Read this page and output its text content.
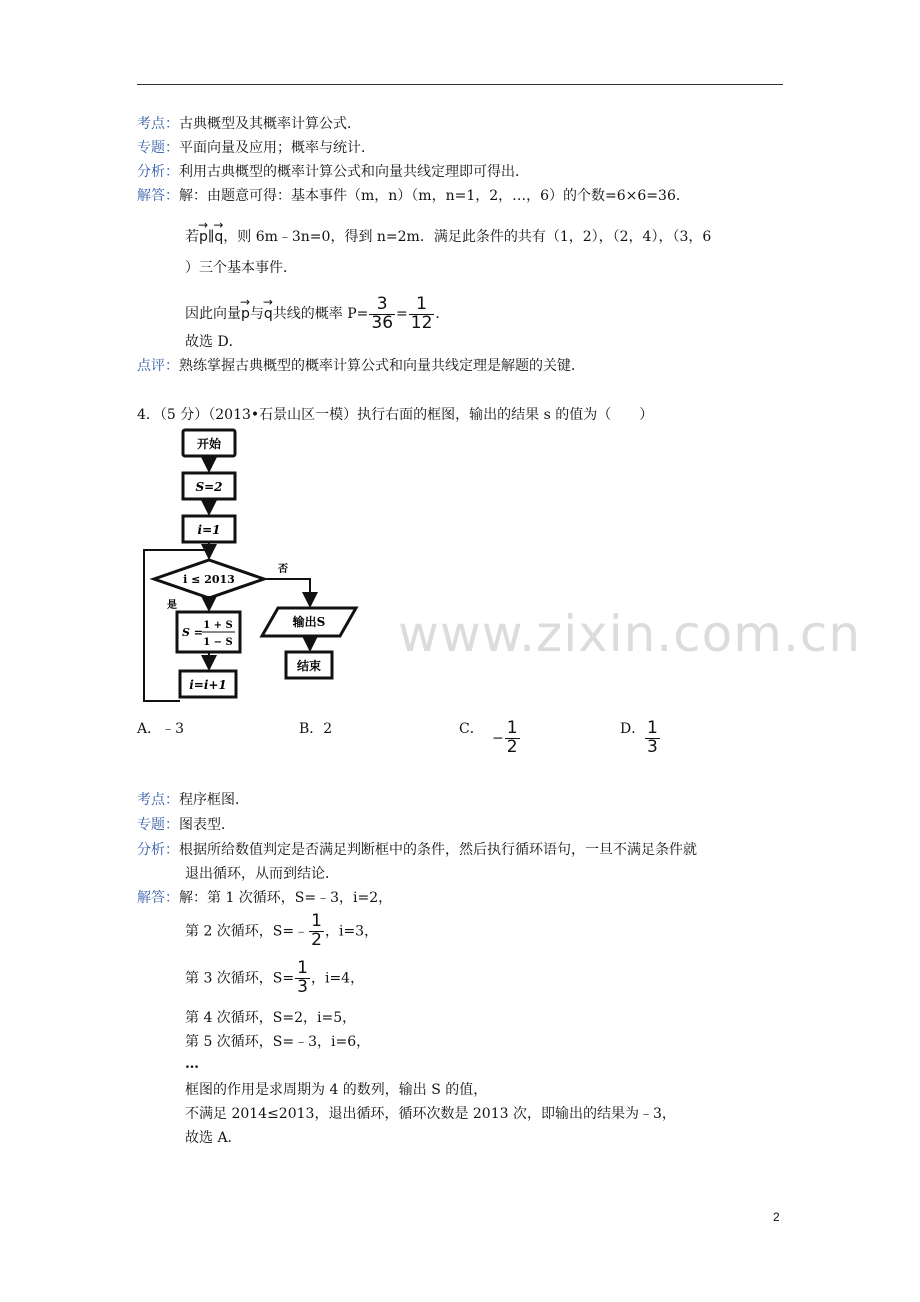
考点：古典概型及其概率计算公式．
专题：平面向量及应用；概率与统计．
分析：利用古典概型的概率计算公式和向量共线定理即可得出．
解答：解：由题意可得：基本事件（m，n）（m，n=1，2，…，6）的个数=6×6=36．
若→ p∥→ q，则 6m﹣3n=0，得到 n=2m．满足此条件的共有（1，2），（2，4），（3，6
）三个基本事件．
因此向量→ p与→ q共线的概率 $P= \frac{3}{36} = \frac{1}{12}$ ．
故选 D．
点评：熟练掌握古典概型的概率计算公式和向量共线定理是解题的关键．
4．（5 分）（2013•石景山区一模）执行右面的框图，输出的结果 s 的值为（　　）
开始
S=2
i=1
i ≤ 2013
否
是
S =
1 + S
1 − S
i=i+1
输出S
结束
www.zixin.com.cn
A．﹣3	B．2	C．
− $\frac{1}{2}$	D． $\frac{1}{3}$
考点：程序框图．
专题：图表型．
分析：根据所给数值判定是否满足判断框中的条件，然后执行循环语句，一旦不满足条件就
退出循环，从而到结论．
解答：解：第 1 次循环，S=﹣3，i=2，
第 2 次循环，S=﹣ $\frac{1}{2}$ ，i=3，
第 3 次循环，$S= \frac{1}{3}$ ，i=4，
第 4 次循环，S=2，i=5，
第 5 次循环，S=﹣3，i=6，
…
框图的作用是求周期为 4 的数列，输出 S 的值，
不满足 2014≤2013，退出循环，循环次数是 2013 次，即输出的结果为﹣3，
故选 A．
2
